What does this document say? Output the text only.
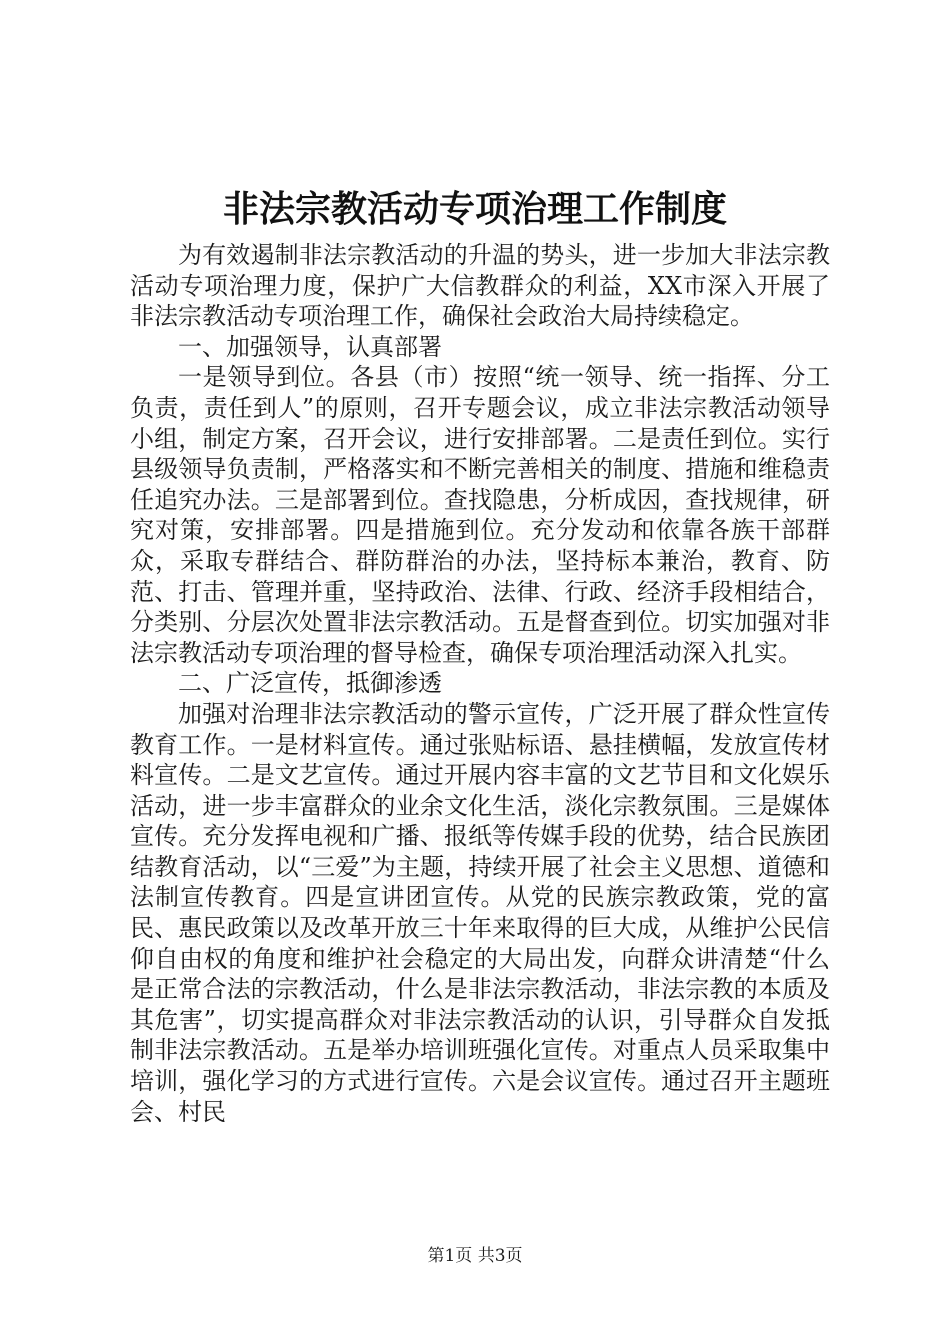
非法宗教活动专项治理工作制度

为有效遏制非法宗教活动的升温的势头，进一步加大非法宗教活动专项治理力度，保护广大信教群众的利益，XX市深入开展了非法宗教活动专项治理工作，确保社会政治大局持续稳定。

一、加强领导，认真部署

一是领导到位。各县（市）按照“统一领导、统一指挥、分工负责，责任到人”的原则，召开专题会议，成立非法宗教活动领导小组，制定方案，召开会议，进行安排部署。二是责任到位。实行县级领导负责制，严格落实和不断完善相关的制度、措施和维稳责任追究办法。三是部署到位。查找隐患，分析成因，查找规律，研究对策，安排部署。四是措施到位。充分发动和依靠各族干部群众，采取专群结合、群防群治的办法，坚持标本兼治，教育、防范、打击、管理并重，坚持政治、法律、行政、经济手段相结合，分类别、分层次处置非法宗教活动。五是督查到位。切实加强对非法宗教活动专项治理的督导检查，确保专项治理活动深入扎实。

二、广泛宣传，抵御渗透

加强对治理非法宗教活动的警示宣传，广泛开展了群众性宣传教育工作。一是材料宣传。通过张贴标语、悬挂横幅，发放宣传材料宣传。二是文艺宣传。通过开展内容丰富的文艺节目和文化娱乐活动，进一步丰富群众的业余文化生活，淡化宗教氛围。三是媒体宣传。充分发挥电视和广播、报纸等传媒手段的优势，结合民族团结教育活动，以“三爱”为主题，持续开展了社会主义思想、道德和法制宣传教育。四是宣讲团宣传。从党的民族宗教政策，党的富民、惠民政策以及改革开放三十年来取得的巨大成，从维护公民信仰自由权的角度和维护社会稳定的大局出发，向群众讲清楚“什么是正常合法的宗教活动，什么是非法宗教活动，非法宗教的本质及其危害”，切实提高群众对非法宗教活动的认识，引导群众自发抵制非法宗教活动。五是举办培训班强化宣传。对重点人员采取集中培训，强化学习的方式进行宣传。六是会议宣传。通过召开主题班会、村民

第1页 共3页
